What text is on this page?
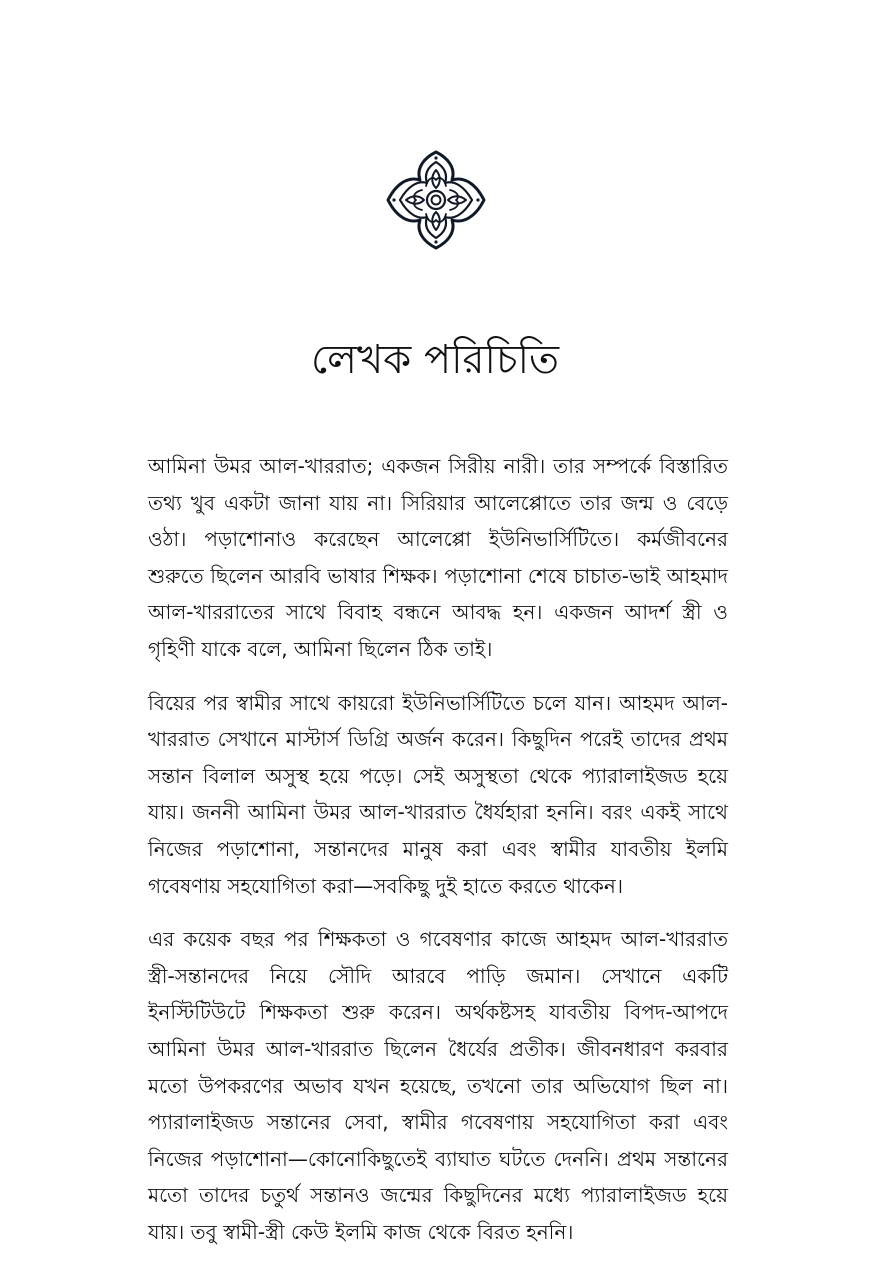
লেখক পরিচিতি

আমিনা উমর আল-খাররাত; একজন সিরীয় নারী। তার সম্পর্কে বিস্তারিত তথ্য খুব একটা জানা যায় না। সিরিয়ার আলেপ্পোতে তার জন্ম ও বেড়ে ওঠা। পড়াশোনাও করেছেন আলেপ্পো ইউনিভার্সিটিতে। কর্মজীবনের শুরুতে ছিলেন আরবি ভাষার শিক্ষক। পড়াশোনা শেষে চাচাত-ভাই আহমাদ আল-খাররাতের সাথে বিবাহ বন্ধনে আবদ্ধ হন। একজন আদর্শ স্ত্রী ও গৃহিণী যাকে বলে, আমিনা ছিলেন ঠিক তাই।

বিয়ের পর স্বামীর সাথে কায়রো ইউনিভার্সিটিতে চলে যান। আহমদ আল-খাররাত সেখানে মাস্টার্স ডিগ্রি অর্জন করেন। কিছুদিন পরেই তাদের প্রথম সন্তান বিলাল অসুস্থ হয়ে পড়ে। সেই অসুস্থতা থেকে প্যারালাইজড হয়ে যায়। জননী আমিনা উমর আল-খাররাত ধৈর্যহারা হননি। বরং একই সাথে নিজের পড়াশোনা, সন্তানদের মানুষ করা এবং স্বামীর যাবতীয় ইলমি গবেষণায় সহযোগিতা করা—সবকিছু দুই হাতে করতে থাকেন।

এর কয়েক বছর পর শিক্ষকতা ও গবেষণার কাজে আহমদ আল-খাররাত স্ত্রী-সন্তানদের নিয়ে সৌদি আরবে পাড়ি জমান। সেখানে একটি ইনস্টিটিউটে শিক্ষকতা শুরু করেন। অর্থকষ্টসহ যাবতীয় বিপদ-আপদে আমিনা উমর আল-খাররাত ছিলেন ধৈর্যের প্রতীক। জীবনধারণ করবার মতো উপকরণের অভাব যখন হয়েছে, তখনো তার অভিযোগ ছিল না। প্যারালাইজড সন্তানের সেবা, স্বামীর গবেষণায় সহযোগিতা করা এবং নিজের পড়াশোনা—কোনোকিছুতেই ব্যাঘাত ঘটতে দেননি। প্রথম সন্তানের মতো তাদের চতুর্থ সন্তানও জন্মের কিছুদিনের মধ্যে প্যারালাইজড হয়ে যায়। তবু স্বামী-স্ত্রী কেউ ইলমি কাজ থেকে বিরত হননি।
